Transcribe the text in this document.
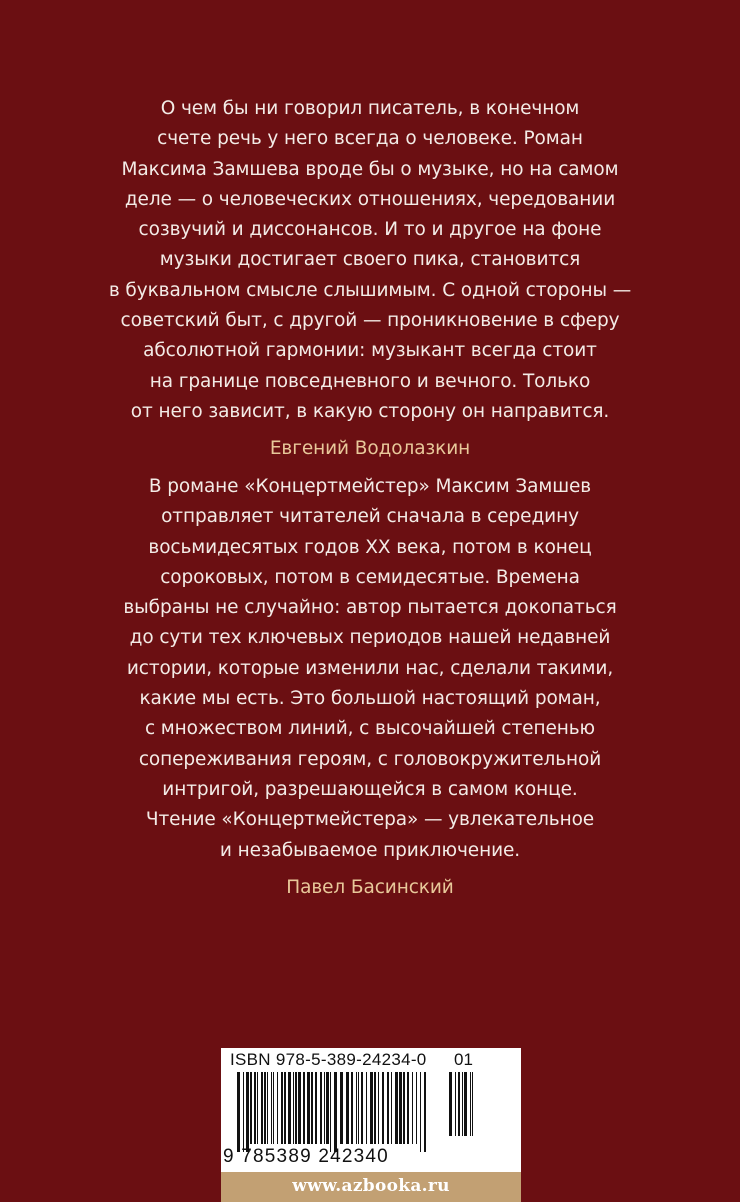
О чем бы ни говорил писатель, в конечном
счете речь у него всегда о человеке. Роман
Максима Замшева вроде бы о музыке, но на самом
деле — о человеческих отношениях, чередовании
созвучий и диссонансов. И то и другое на фоне
музыки достигает своего пика, становится
в буквальном смысле слышимым. С одной стороны —
советский быт, с другой — проникновение в сферу
абсолютной гармонии: музыкант всегда стоит
на границе повседневного и вечного. Только
от него зависит, в какую сторону он направится.
Евгений Водолазкин
В романе «Концертмейстер» Максим Замшев
отправляет читателей сначала в середину
восьмидесятых годов XX века, потом в конец
сороковых, потом в семидесятые. Времена
выбраны не случайно: автор пытается докопаться
до сути тех ключевых периодов нашей недавней
истории, которые изменили нас, сделали такими,
какие мы есть. Это большой настоящий роман,
с множеством линий, с высочайшей степенью
сопереживания героям, с головокружительной
интригой, разрешающейся в самом конце.
Чтение «Концертмейстера» — увлекательное
и незабываемое приключение.
Павел Басинский
ISBN 978-5-389-24234-0 01
9 785389 242340
www.azbooka.ru
